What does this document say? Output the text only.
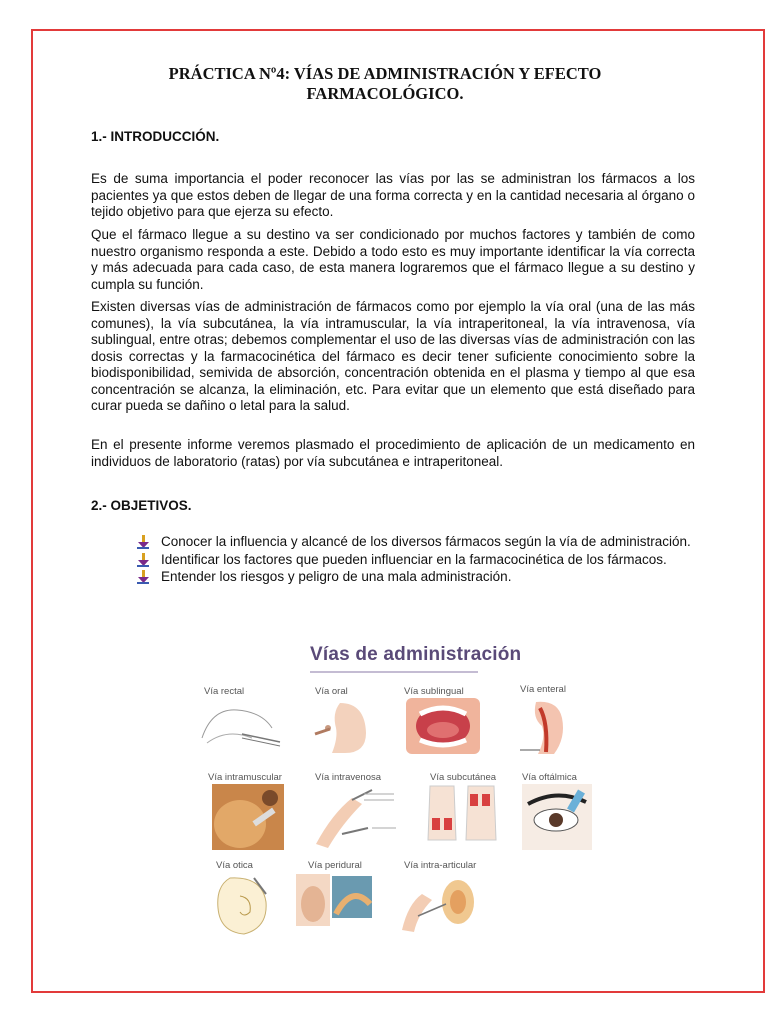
PRÁCTICA Nº4: VÍAS DE ADMINISTRACIÓN Y EFECTO
FARMACOLÓGICO.
1.- INTRODUCCIÓN.

Es de suma importancia el poder reconocer las vías por las se administran los fármacos a los pacientes ya que estos deben de llegar de una forma correcta y en la cantidad necesaria al órgano o tejido objetivo para que ejerza su efecto.

Que el fármaco llegue a su destino va ser condicionado por muchos factores y también de como nuestro organismo responda a este. Debido a todo esto es muy importante identificar la vía correcta y más adecuada para cada caso, de esta manera lograremos que el fármaco llegue a su destino y cumpla su función.

Existen diversas vías de administración de fármacos como por ejemplo la vía oral (una de las más comunes), la vía subcutánea, la vía intramuscular, la vía intraperitoneal, la vía intravenosa, vía sublingual, entre otras; debemos complementar el uso de las diversas vías de administración con las dosis correctas y la farmacocinética del fármaco es decir tener suficiente conocimiento sobre la biodisponibilidad, semivida de absorción, concentración obtenida en el plasma y tiempo al que esa concentración se alcanza, la eliminación, etc. Para evitar que un elemento que está diseñado para curar pueda se dañino o letal para la salud.

En el presente informe veremos plasmado el procedimiento de aplicación de un medicamento en individuos de laboratorio (ratas) por vía subcutánea e intraperitoneal.

2.- OBJETIVOS.
Conocer la influencia y alcancé de los diversos fármacos según la vía de administración.
Identificar los factores que pueden influenciar en la farmacocinética de los fármacos.
Entender los riesgos y peligro de una mala administración.
Vías de administración
Vía rectal	Vía oral	Vía sublingual	Vía enteral
Vía intramuscular	Vía intravenosa	Vía subcutánea	Vía oftálmica
Vía otica	Vía peridural	Vía intra-articular
